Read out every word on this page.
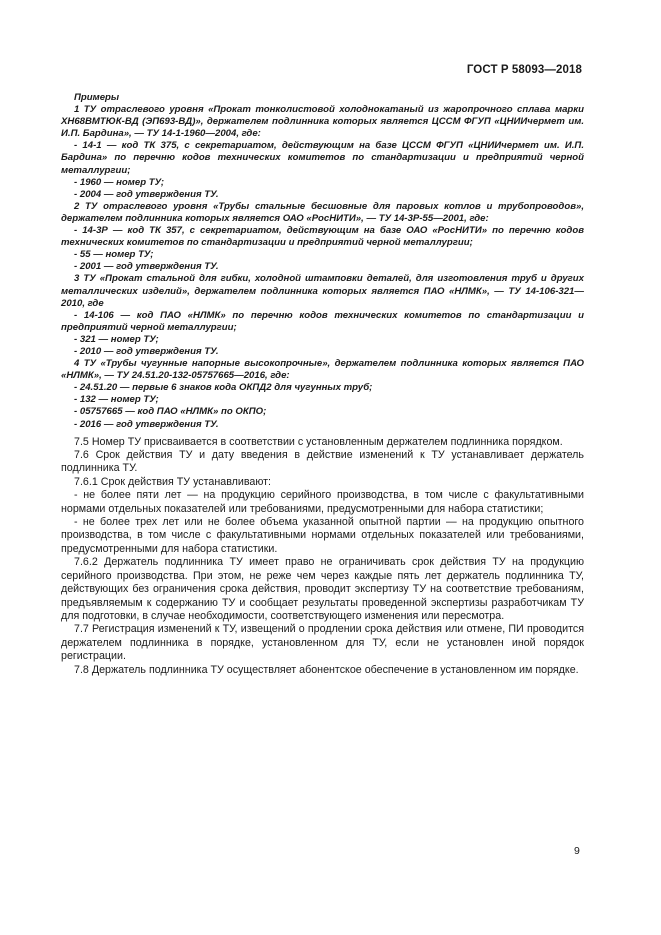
ГОСТ Р 58093—2018

Примеры

1 ТУ отраслевого уровня «Прокат тонколистовой холоднокатаный из жаропрочного сплава марки ХН68ВМТЮК-ВД (ЭП693-ВД)», держателем подлинника которых является ЦССМ ФГУП «ЦНИИчермет им. И.П. Бардина», — ТУ 14-1-1960—2004, где:

- 14-1 — код ТК 375, с секретариатом, действующим на базе ЦССМ ФГУП «ЦНИИчермет им. И.П. Бардина» по перечню кодов технических комитетов по стандартизации и предприятий черной металлургии;

- 1960 — номер ТУ;

- 2004 — год утверждения ТУ.

2 ТУ отраслевого уровня «Трубы стальные бесшовные для паровых котлов и трубопроводов», держателем подлинника которых является ОАО «РосНИТИ», — ТУ 14-3Р-55—2001, где:

- 14-3Р — код ТК 357, с секретариатом, действующим на базе ОАО «РосНИТИ» по перечню кодов технических комитетов по стандартизации и предприятий черной металлургии;

- 55 — номер ТУ;

- 2001 — год утверждения ТУ.

3 ТУ «Прокат стальной для гибки, холодной штамповки деталей, для изготовления труб и других металлических изделий», держателем подлинника которых является ПАО «НЛМК», — ТУ 14-106-321—2010, где

- 14-106 — код ПАО «НЛМК» по перечню кодов технических комитетов по стандартизации и предприятий черной металлургии;

- 321 — номер ТУ;

- 2010 — год утверждения ТУ.

4 ТУ «Трубы чугунные напорные высокопрочные», держателем подлинника которых является ПАО «НЛМК», — ТУ 24.51.20-132-05757665—2016, где:

- 24.51.20 — первые 6 знаков кода ОКПД2 для чугунных труб;

- 132 — номер ТУ;

- 05757665 — код ПАО «НЛМК» по ОКПО;

- 2016 — год утверждения ТУ.

7.5 Номер ТУ присваивается в соответствии с установленным держателем подлинника порядком.

7.6 Срок действия ТУ и дату введения в действие изменений к ТУ устанавливает держатель подлинника ТУ.

7.6.1 Срок действия ТУ устанавливают:

- не более пяти лет — на продукцию серийного производства, в том числе с факультативными нормами отдельных показателей или требованиями, предусмотренными для набора статистики;

- не более трех лет или не более объема указанной опытной партии — на продукцию опытного производства, в том числе с факультативными нормами отдельных показателей или требованиями, предусмотренными для набора статистики.

7.6.2 Держатель подлинника ТУ имеет право не ограничивать срок действия ТУ на продукцию серийного производства. При этом, не реже чем через каждые пять лет держатель подлинника ТУ, действующих без ограничения срока действия, проводит экспертизу ТУ на соответствие требованиям, предъявляемым к содержанию ТУ и сообщает результаты проведенной экспертизы разработчикам ТУ для подготовки, в случае необходимости, соответствующего изменения или пересмотра.

7.7 Регистрация изменений к ТУ, извещений о продлении срока действия или отмене, ПИ проводится держателем подлинника в порядке, установленном для ТУ, если не установлен иной порядок регистрации.

7.8 Держатель подлинника ТУ осуществляет абонентское обеспечение в установленном им порядке.

9
